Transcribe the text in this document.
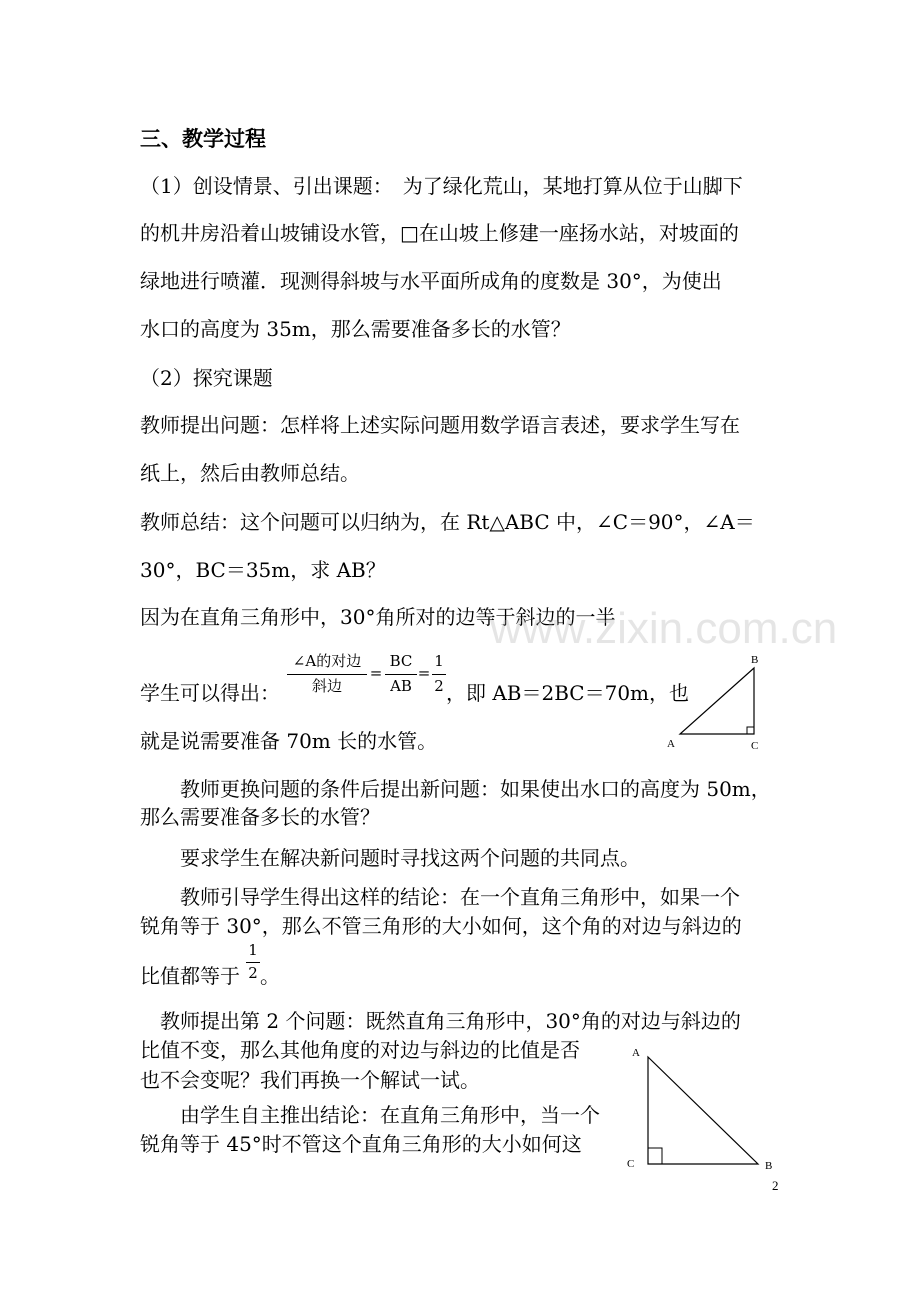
三、教学过程
（1）创设情景、引出课题：　为了绿化荒山，某地打算从位于山脚下
的机井房沿着山坡铺设水管，□在山坡上修建一座扬水站，对坡面的
绿地进行喷灌．现测得斜坡与水平面所成角的度数是 30°，为使出
水口的高度为 35m，那么需要准备多长的水管？
（2）探究课题
教师提出问题：怎样将上述实际问题用数学语言表述，要求学生写在
纸上，然后由教师总结。
教师总结：这个问题可以归纳为，在 Rt△ABC 中，∠C＝90°，∠A＝
30°，BC＝35m，求 AB？
因为在直角三角形中，30°角所对的边等于斜边的一半
学生可以得出：
∠A的对边
斜边
=
BC
AB
=
1
2 ，即 AB＝2BC＝70m，也
就是说需要准备 70m 长的水管。	A
B
C
　　教师更换问题的条件后提出新问题：如果使出水口的高度为 50m，
那么需要准备多长的水管？
　　要求学生在解决新问题时寻找这两个问题的共同点。
　　教师引导学生得出这样的结论：在一个直角三角形中，如果一个
锐角等于 30°，那么不管三角形的大小如何，这个角的对边与斜边的
比值都等于
1
2 。
　教师提出第 2 个问题：既然直角三角形中，30°角的对边与斜边的
比值不变，那么其他角度的对边与斜边的比值是否
也不会变呢？我们再换一个解试一试。
　　由学生自主推出结论：在直角三角形中，当一个
锐角等于 45°时不管这个直角三角形的大小如何这
A
C	B
2
www.zixin.com.cn
